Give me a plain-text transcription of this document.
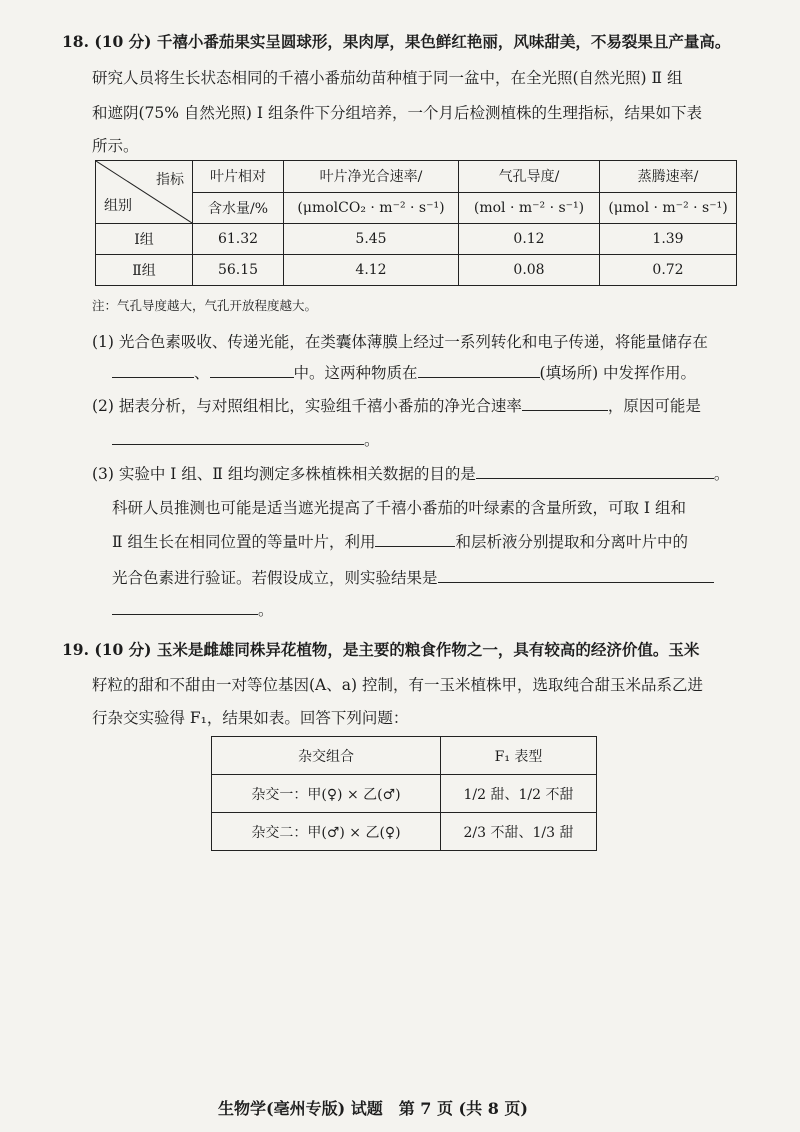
18. (10 分) 千禧小番茄果实呈圆球形，果肉厚，果色鲜红艳丽，风味甜美，不易裂果且产量高。
研究人员将生长状态相同的千禧小番茄幼苗种植于同一盆中，在全光照(自然光照) Ⅱ 组
和遮阴(75% 自然光照) Ⅰ 组条件下分组培养，一个月后检测植株的生理指标，结果如下表
所示。
指标
组别	叶片相对	叶片净光合速率/	气孔导度/	蒸腾速率/
	含水量/%	(μmolCO₂ · m⁻² · s⁻¹)	(mol · m⁻² · s⁻¹)	(μmol · m⁻² · s⁻¹)
Ⅰ组	61.32	5.45	0.12	1.39
Ⅱ组	56.15	4.12	0.08	0.72
注：气孔导度越大，气孔开放程度越大。
(1) 光合色素吸收、传递光能，在类囊体薄膜上经过一系列转化和电子传递，将能量储存在
、	中。这两种物质在	(填场所) 中发挥作用。
(2) 据表分析，与对照组相比，实验组千禧小番茄的净光合速率	，原因可能是
。
(3) 实验中 Ⅰ 组、Ⅱ 组均测定多株植株相关数据的目的是	。
科研人员推测也可能是适当遮光提高了千禧小番茄的叶绿素的含量所致，可取 Ⅰ 组和
Ⅱ 组生长在相同位置的等量叶片，利用	和层析液分别提取和分离叶片中的
光合色素进行验证。若假设成立，则实验结果是
。
19. (10 分) 玉米是雌雄同株异花植物，是主要的粮食作物之一，具有较高的经济价值。玉米
籽粒的甜和不甜由一对等位基因(A、a) 控制，有一玉米植株甲，选取纯合甜玉米品系乙进
行杂交实验得 F₁，结果如表。回答下列问题：
杂交组合	F₁ 表型
杂交一：甲(♀) × 乙(♂)	1/2 甜、1/2 不甜
杂交二：甲(♂) × 乙(♀)	2/3 不甜、1/3 甜
生物学(亳州专版) 试题　第 7 页 (共 8 页)
